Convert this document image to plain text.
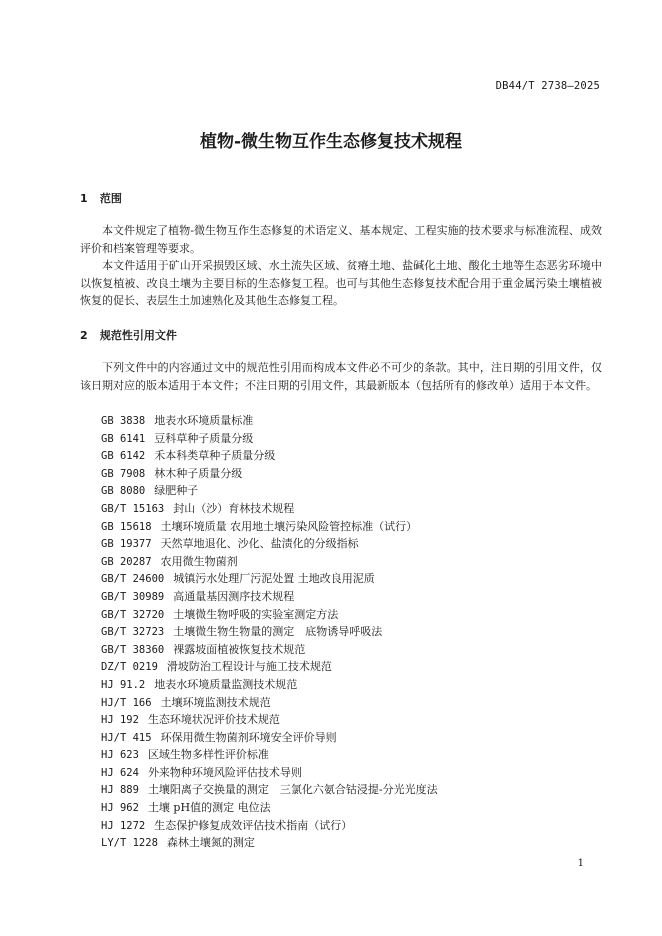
DB44/T 2738—2025
植物-微生物互作生态修复技术规程
1 范围
本文件规定了植物-微生物互作生态修复的术语定义、基本规定、工程实施的技术要求与标准流程、成效评价和档案管理等要求。
本文件适用于矿山开采损毁区域、水土流失区域、贫瘠土地、盐碱化土地、酸化土地等生态恶劣环境中以恢复植被、改良土壤为主要目标的生态修复工程。也可与其他生态修复技术配合用于重金属污染土壤植被恢复的促长、表层生土加速熟化及其他生态修复工程。
2 规范性引用文件
下列文件中的内容通过文中的规范性引用而构成本文件必不可少的条款。其中，注日期的引用文件，仅该日期对应的版本适用于本文件；不注日期的引用文件，其最新版本（包括所有的修改单）适用于本文件。
GB 3838 地表水环境质量标准
GB 6141 豆科草种子质量分级
GB 6142 禾本科类草种子质量分级
GB 7908 林木种子质量分级
GB 8080 绿肥种子
GB/T 15163 封山（沙）育林技术规程
GB 15618 土壤环境质量 农用地土壤污染风险管控标准（试行）
GB 19377 天然草地退化、沙化、盐渍化的分级指标
GB 20287 农用微生物菌剂
GB/T 24600 城镇污水处理厂污泥处置 土地改良用泥质
GB/T 30989 高通量基因测序技术规程
GB/T 32720 土壤微生物呼吸的实验室测定方法
GB/T 32723 土壤微生物生物量的测定　底物诱导呼吸法
GB/T 38360 裸露坡面植被恢复技术规范
DZ/T 0219 滑坡防治工程设计与施工技术规范
HJ 91.2 地表水环境质量监测技术规范
HJ/T 166 土壤环境监测技术规范
HJ 192 生态环境状况评价技术规范
HJ/T 415 环保用微生物菌剂环境安全评价导则
HJ 623 区域生物多样性评价标准
HJ 624 外来物种环境风险评估技术导则
HJ 889 土壤阳离子交换量的测定　三氯化六氨合钴浸提-分光光度法
HJ 962 土壤 pH值的测定 电位法
HJ 1272 生态保护修复成效评估技术指南（试行）
LY/T 1228 森林土壤氮的测定
1
